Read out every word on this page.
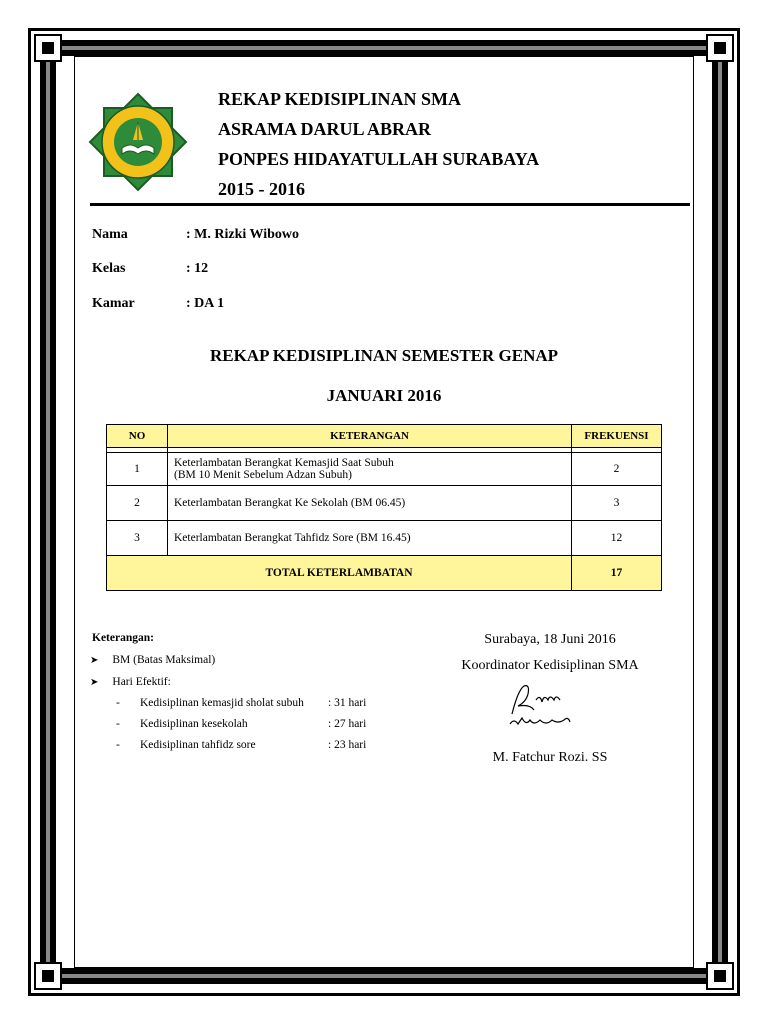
REKAP KEDISIPLINAN SMA
ASRAMA DARUL ABRAR
PONPES HIDAYATULLAH SURABAYA
2015 - 2016
Nama	: M. Rizki Wibowo
Kelas	: 12
Kamar	: DA 1
REKAP KEDISIPLINAN SEMESTER GENAP
JANUARI 2016
NO	KETERANGAN	FREKUENSI

1	Keterlambatan Berangkat Kemasjid Saat Subuh
(BM 10 Menit Sebelum Adzan Subuh)	2
2	Keterlambatan Berangkat Ke Sekolah (BM 06.45)	3
3	Keterlambatan Berangkat Tahfidz Sore (BM 16.45)	12
TOTAL KETERLAMBATAN		17
Keterangan:
➤ BM (Batas Maksimal)
➤ Hari Efektif:
- Kedisiplinan kemasjid sholat subuh : 31 hari
- Kedisiplinan kesekolah	: 27 hari
- Kedisiplinan tahfidz sore	: 23 hari
Surabaya, 18 Juni 2016
Koordinator Kedisiplinan SMA
M. Fatchur Rozi. SS
